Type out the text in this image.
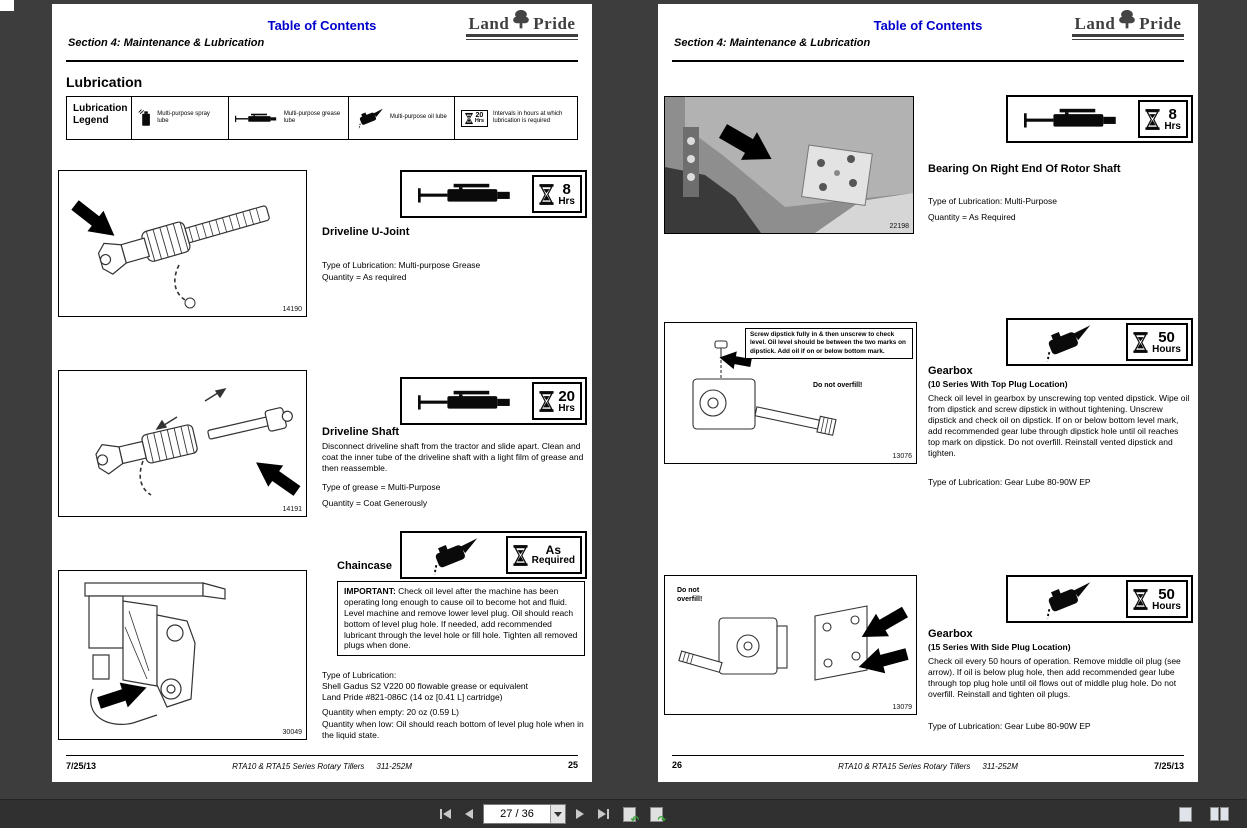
Table of Contents
Section 4: Maintenance & Lubrication
Land Pride
Lubrication
Lubrication Legend
Multi-purpose spray lube
Multi-purpose grease lube
Multi-purpose oil lube	20
Hrs
Intervals in hours at which lubrication is required
14190
8
Hrs
Driveline U-Joint
Type of Lubrication: Multi-purpose Grease
Quantity = As required
14191
20
Hrs
Driveline Shaft
Disconnect driveline shaft from the tractor and slide apart. Clean and coat the inner tube of the driveline shaft with a light film of grease and then reassemble.
Type of grease = Multi-Purpose
Quantity = Coat Generously
Chaincase
As
Required
IMPORTANT: Check oil level after the machine has been operating long enough to cause oil to become hot and fluid. Level machine and remove lower level plug. Oil should reach bottom of level plug hole. If needed, add recommended lubricant through the level hole or fill hole. Tighten all removed plugs when done.
Type of Lubrication:
Shell Gadus S2 V220 00 flowable grease or equivalent
Land Pride #821-086C (14 oz [0.41 L] cartridge)
Quantity when empty: 20 oz (0.59 L)
Quantity when low: Oil should reach bottom of level plug hole when in the liquid state.
30049
7/25/13	RTA10 & RTA15 Series Rotary Tillers 311-252M	25
Table of Contents
Section 4: Maintenance & Lubrication
Land Pride
22198
8
Hrs
Bearing On Right End Of Rotor Shaft
Type of Lubrication: Multi-Purpose
Quantity = As Required
Screw dipstick fully in & then unscrew to check level. Oil level should be between the two marks on dipstick. Add oil if on or below bottom mark.
Do not overfill!
13076
50
Hours
Gearbox
(10 Series With Top Plug Location)
Check oil level in gearbox by unscrewing top vented dipstick. Wipe oil from dipstick and screw dipstick in without tightening. Unscrew dipstick and check oil on dipstick. If on or below bottom level mark, add recommended gear lube through dipstick hole until oil reaches top mark on dipstick. Do not overfill. Reinstall vented dipstick and tighten.
Type of Lubrication: Gear Lube 80-90W EP
Do not overfill!
13079
50
Hours
Gearbox
(15 Series With Side Plug Location)
Check oil every 50 hours of operation. Remove middle oil plug (see arrow). If oil is below plug hole, then add recommended gear lube through top plug hole until oil flows out of middle plug hole. Do not overfill. Reinstall and tighten oil plugs.
Type of Lubrication: Gear Lube 80-90W EP
26	RTA10 & RTA15 Series Rotary Tillers 311-252M	7/25/13
27 / 36
↶ ↷
